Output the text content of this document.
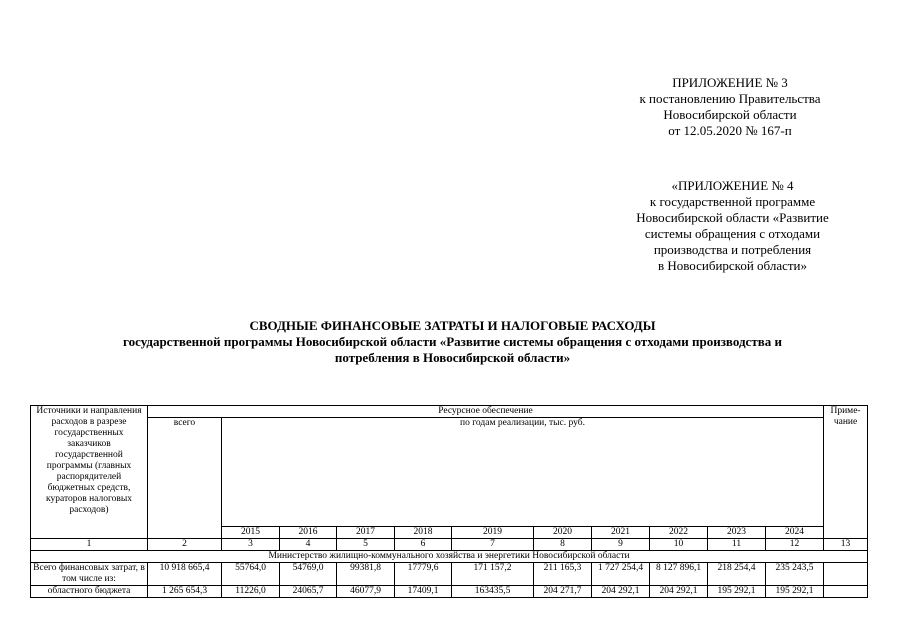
ПРИЛОЖЕНИЕ № 3
к постановлению Правительства
Новосибирской области
от 12.05.2020 № 167-п
«ПРИЛОЖЕНИЕ № 4
к государственной программе
Новосибирской области «Развитие
системы обращения с отходами
производства и потребления
в Новосибирской области»
СВОДНЫЕ ФИНАНСОВЫЕ ЗАТРАТЫ И НАЛОГОВЫЕ РАСХОДЫ
государственной программы Новосибирской области «Развитие системы обращения с отходами производства и
потребления в Новосибирской области»
Источники и направления расходов в разрезе государственных заказчиков государственной программы (главных распорядителей бюджетных средств, кураторов налоговых расходов)	Ресурсное обеспечение											Приме-чание
	всего	по годам реализации, тыс. руб.										
		2015	2016	2017	2018	2019	2020	2021	2022	2023	2024	
1	2	3	4	5	6	7	8	9	10	11	12	13
Министерство жилищно-коммунального хозяйства и энергетики Новосибирской области												
Всего финансовых затрат, в том числе из:	10 918 665,4	55764,0	54769,0	99381,8	17779,6	171 157,2	211 165,3	1 727 254,4	8 127 896,1	218 254,4	235 243,5	
областного бюджета	1 265 654,3	11226,0	24065,7	46077,9	17409,1	163435,5	204 271,7	204 292,1	204 292,1	195 292,1	195 292,1	
